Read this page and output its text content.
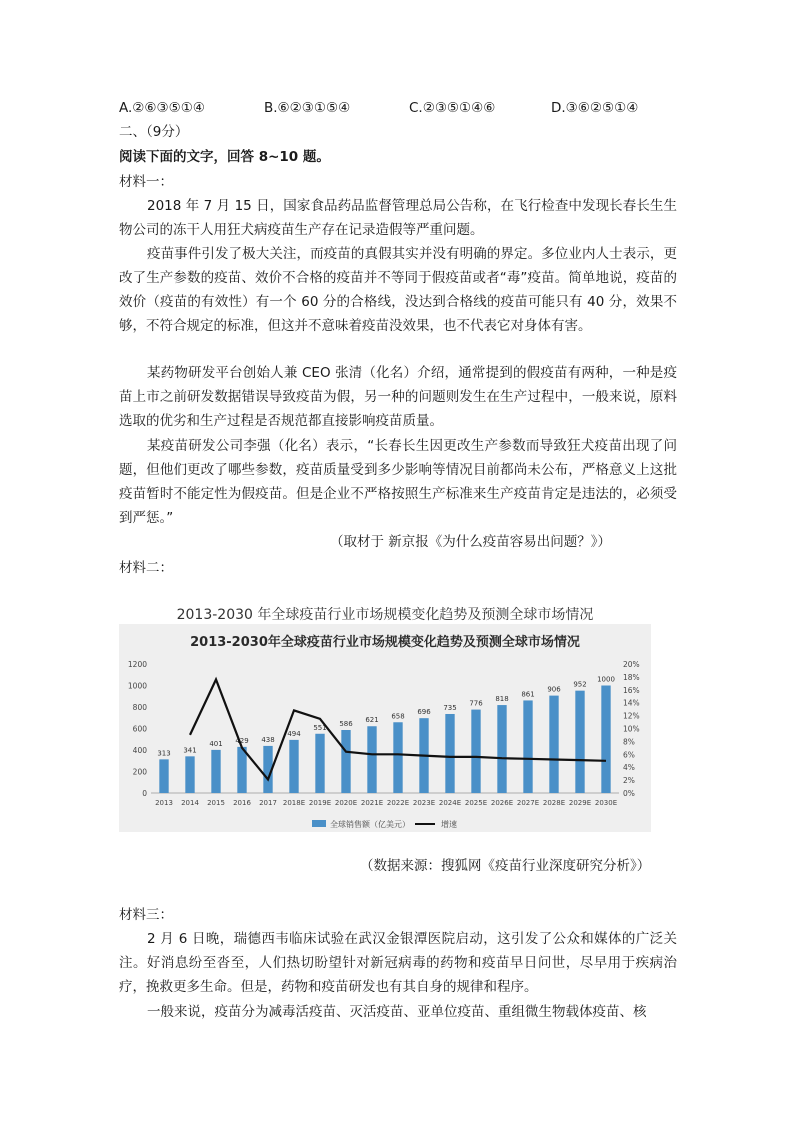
A.②⑥③⑤①④	B.⑥②③①⑤④	C.②③⑤①④⑥	D.③⑥②⑤①④
二、（9分）
阅读下面的文字，回答 8~10 题。
材料一：

2018 年 7 月 15 日，国家食品药品监督管理总局公告称，在飞行检查中发现长春长生生物公司的冻干人用狂犬病疫苗生产存在记录造假等严重问题。

疫苗事件引发了极大关注，而疫苗的真假其实并没有明确的界定。多位业内人士表示，更改了生产参数的疫苗、效价不合格的疫苗并不等同于假疫苗或者“毒”疫苗。简单地说，疫苗的效价（疫苗的有效性）有一个 60 分的合格线，没达到合格线的疫苗可能只有 40 分，效果不够，不符合规定的标准，但这并不意味着疫苗没效果，也不代表它对身体有害。

某药物研发平台创始人兼 CEO 张清（化名）介绍，通常提到的假疫苗有两种，一种是疫苗上市之前研发数据错误导致疫苗为假，另一种的问题则发生在生产过程中，一般来说，原料选取的优劣和生产过程是否规范都直接影响疫苗质量。

某疫苗研发公司李强（化名）表示，“长春长生因更改生产参数而导致狂犬疫苗出现了问题，但他们更改了哪些参数，疫苗质量受到多少影响等情况目前都尚未公布，严格意义上这批疫苗暂时不能定性为假疫苗。但是企业不严格按照生产标准来生产疫苗肯定是违法的，必须受到严惩。”

（取材于 新京报《为什么疫苗容易出问题？》）
材料二：
2013-2030 年全球疫苗行业市场规模变化趋势及预测全球市场情况
2013-2030年全球疫苗行业市场规模变化趋势及预测全球市场情况
0
200
400
600
800
1000
1200
0%
2%
4%
6%
8%
10%
12%
14%
16%
18%
20%
313 341
401 429 438
494
551 586 621 658
696
735
776
818
861
906
952
1000
2013 2014 2015 2016 2017 2018E 2019E 2020E 2021E 2022E 2023E 2024E 2025E 2026E 2027E 2028E 2029E 2030E
全球销售额（亿美元）	增速
（数据来源：搜狐网《疫苗行业深度研究分析》）
材料三：

2 月 6 日晚，瑞德西韦临床试验在武汉金银潭医院启动，这引发了公众和媒体的广泛关注。好消息纷至沓至，人们热切盼望针对新冠病毒的药物和疫苗早日问世，尽早用于疾病治疗，挽救更多生命。但是，药物和疫苗研发也有其自身的规律和程序。

一般来说，疫苗分为减毒活疫苗、灭活疫苗、亚单位疫苗、重组微生物载体疫苗、核
